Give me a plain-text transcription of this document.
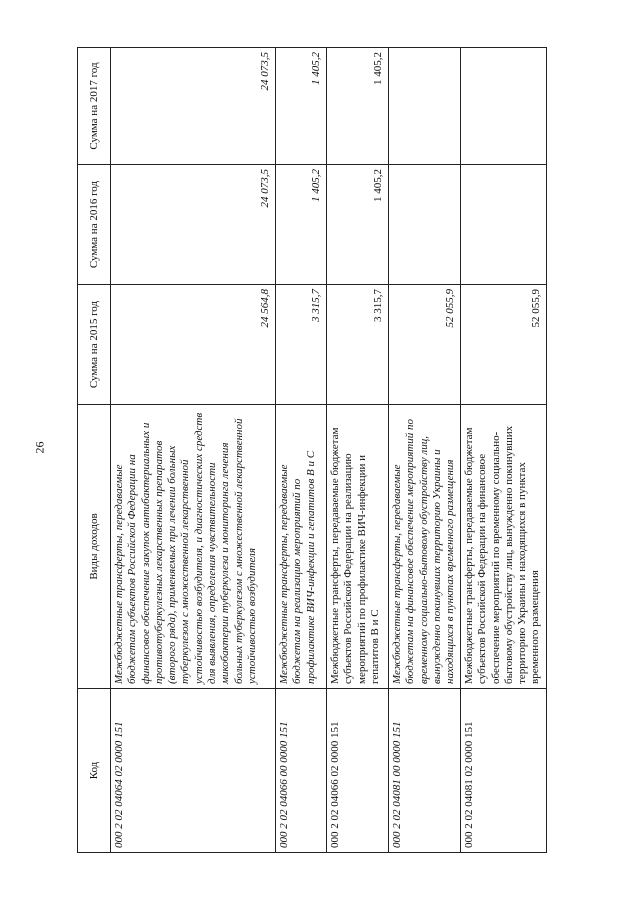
26
Код	Виды доходов	Сумма на 2015 год	Сумма на 2016 год	Сумма на 2017 год
000 2 02 04064 02 0000 151	Межбюджетные трансферты, передаваемые бюджетам субъектов Российской Федерации на финансовое обеспечение закупок антибактериальных и противотуберкулезных лекарственных препаратов (второго ряда), применяемых при лечении больных туберкулезом с множественной лекарственной устойчивостью возбудителя, и диагностических средств для выявления, определения чувствительности микобактерии туберкулеза и мониторинга лечения больных туберкулезом с множественной лекарственной устойчивостью возбудителя	24 564,8	24 073,5	24 073,5
000 2 02 04066 00 0000 151	Межбюджетные трансферты, передаваемые бюджетам на реализацию мероприятий по профилактике ВИЧ-инфекции и гепатитов B и C	3 315,7	1 405,2	1 405,2
000 2 02 04066 02 0000 151	Межбюджетные трансферты, передаваемые бюджетам субъектов Российской Федерации на реализацию мероприятий по профилактике ВИЧ-инфекции и гепатитов B и C	3 315,7	1 405,2	1 405,2
000 2 02 04081 00 0000 151	Межбюджетные трансферты, передаваемые бюджетам на финансовое обеспечение мероприятий по временному социально-бытовому обустройству лиц, вынужденно покинувших территорию Украины и находящихся в пунктах временного размещения	52 055,9		
000 2 02 04081 02 0000 151	Межбюджетные трансферты, передаваемые бюджетам субъектов Российской Федерации на финансовое обеспечение мероприятий по временному социально-бытовому обустройству лиц, вынужденно покинувших территорию Украины и находящихся в пунктах временного размещения	52 055,9		
